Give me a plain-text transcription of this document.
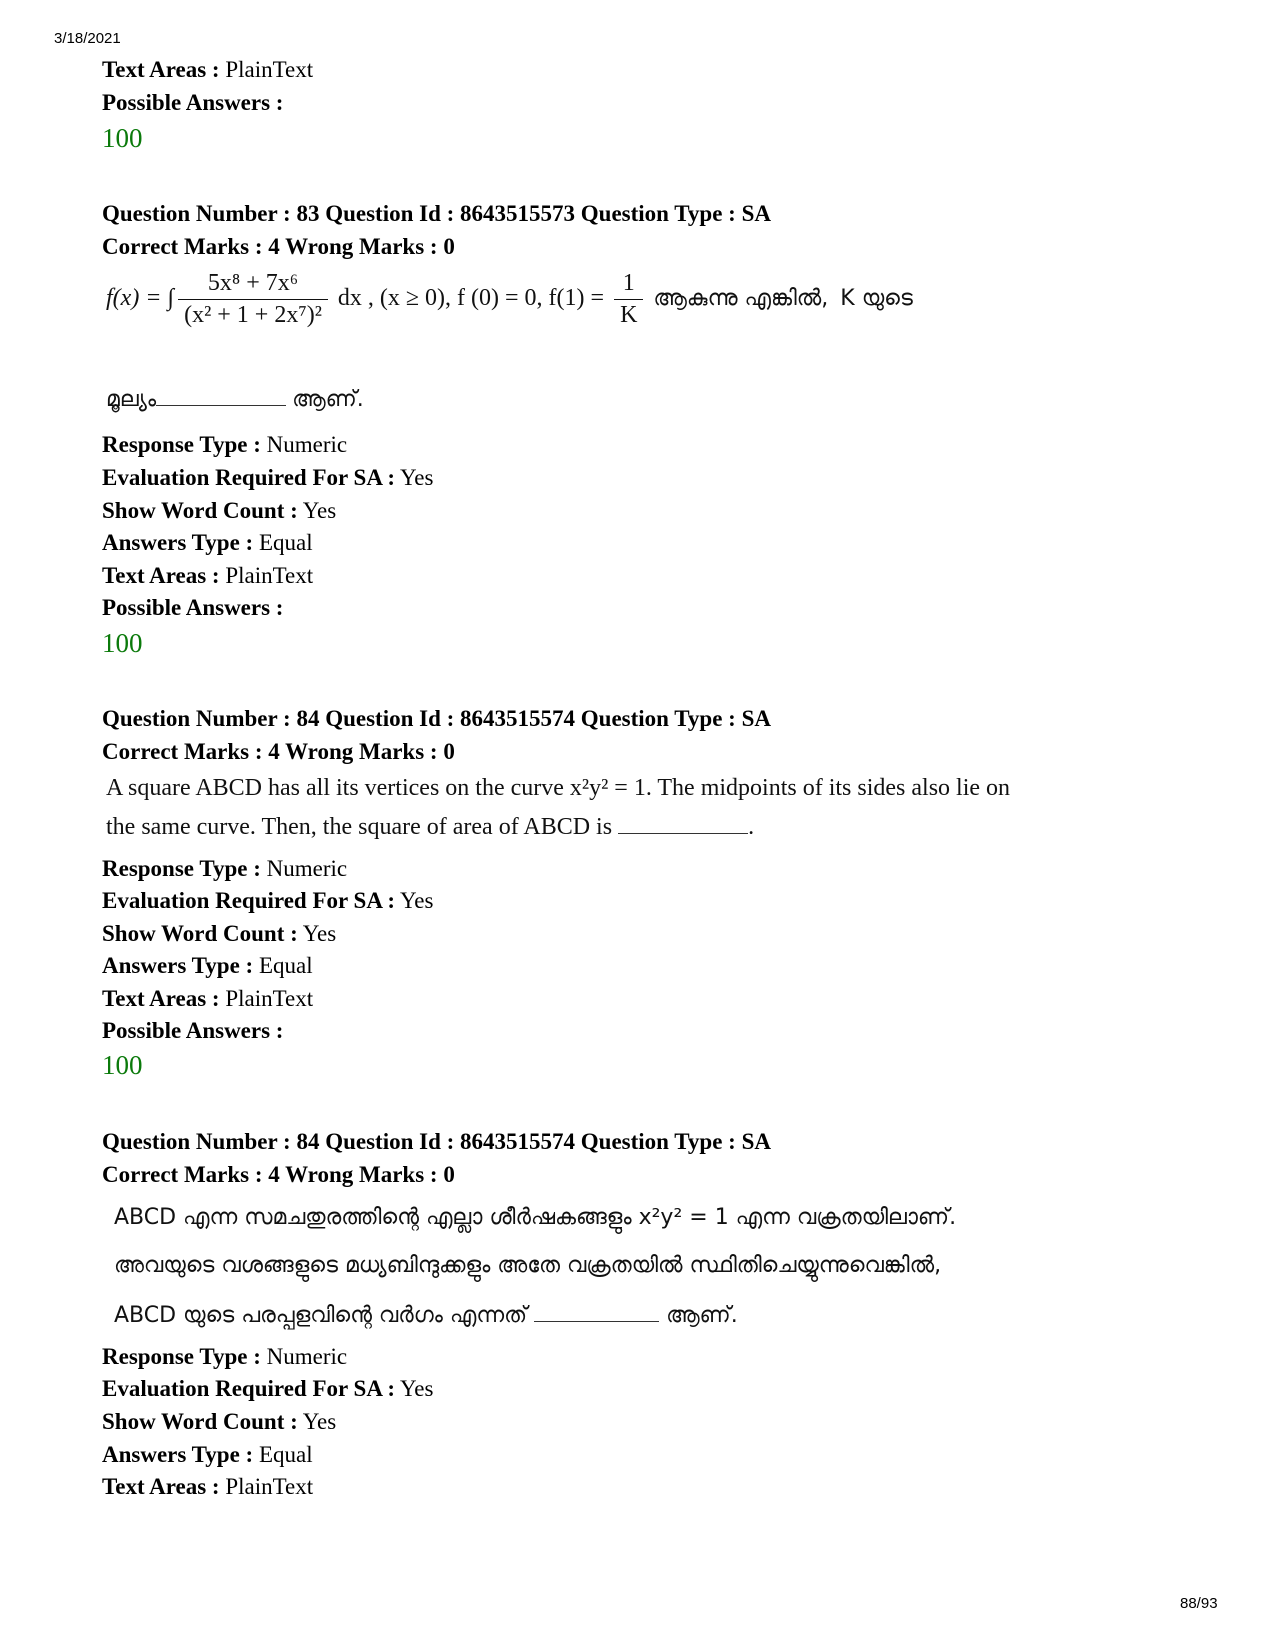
3/18/2021
Text Areas : PlainText
Possible Answers :
100
Question Number : 83 Question Id : 8643515573 Question Type : SA
Correct Marks : 4 Wrong Marks : 0
f(x) = ∫ $\frac{\text{5x⁸ + 7x⁶}}{\text{(x² + 1 + 2x⁷)²}}$ dx , (x ≥ 0), f (0) = 0, $f(1) = \frac{1}{K}$ ആകുന്നു എങ്കിൽ, K യുടെ
മൂല്യം	ആണ്.
Response Type : Numeric
Evaluation Required For SA : Yes
Show Word Count : Yes
Answers Type : Equal
Text Areas : PlainText
Possible Answers :
100
Question Number : 84 Question Id : 8643515574 Question Type : SA
Correct Marks : 4 Wrong Marks : 0
A square ABCD has all its vertices on the curve x²y² = 1. The midpoints of its sides also lie on
the same curve. Then, the square of area of ABCD is	.
Response Type : Numeric
Evaluation Required For SA : Yes
Show Word Count : Yes
Answers Type : Equal
Text Areas : PlainText
Possible Answers :
100
Question Number : 84 Question Id : 8643515574 Question Type : SA
Correct Marks : 4 Wrong Marks : 0
ABCD എന്ന സമചതുരത്തിന്റെ എല്ലാ ശീർഷകങ്ങളും x²y² = 1 എന്ന വക്രതയിലാണ്.
അവയുടെ വശങ്ങളുടെ മധ്യബിന്ദുക്കളും അതേ വക്രതയിൽ സ്ഥിതിചെയ്യുന്നുവെങ്കിൽ,
ABCD യുടെ പരപ്പളവിന്റെ വർഗം എന്നത്	ആണ്.
Response Type : Numeric
Evaluation Required For SA : Yes
Show Word Count : Yes
Answers Type : Equal
Text Areas : PlainText
88/93
